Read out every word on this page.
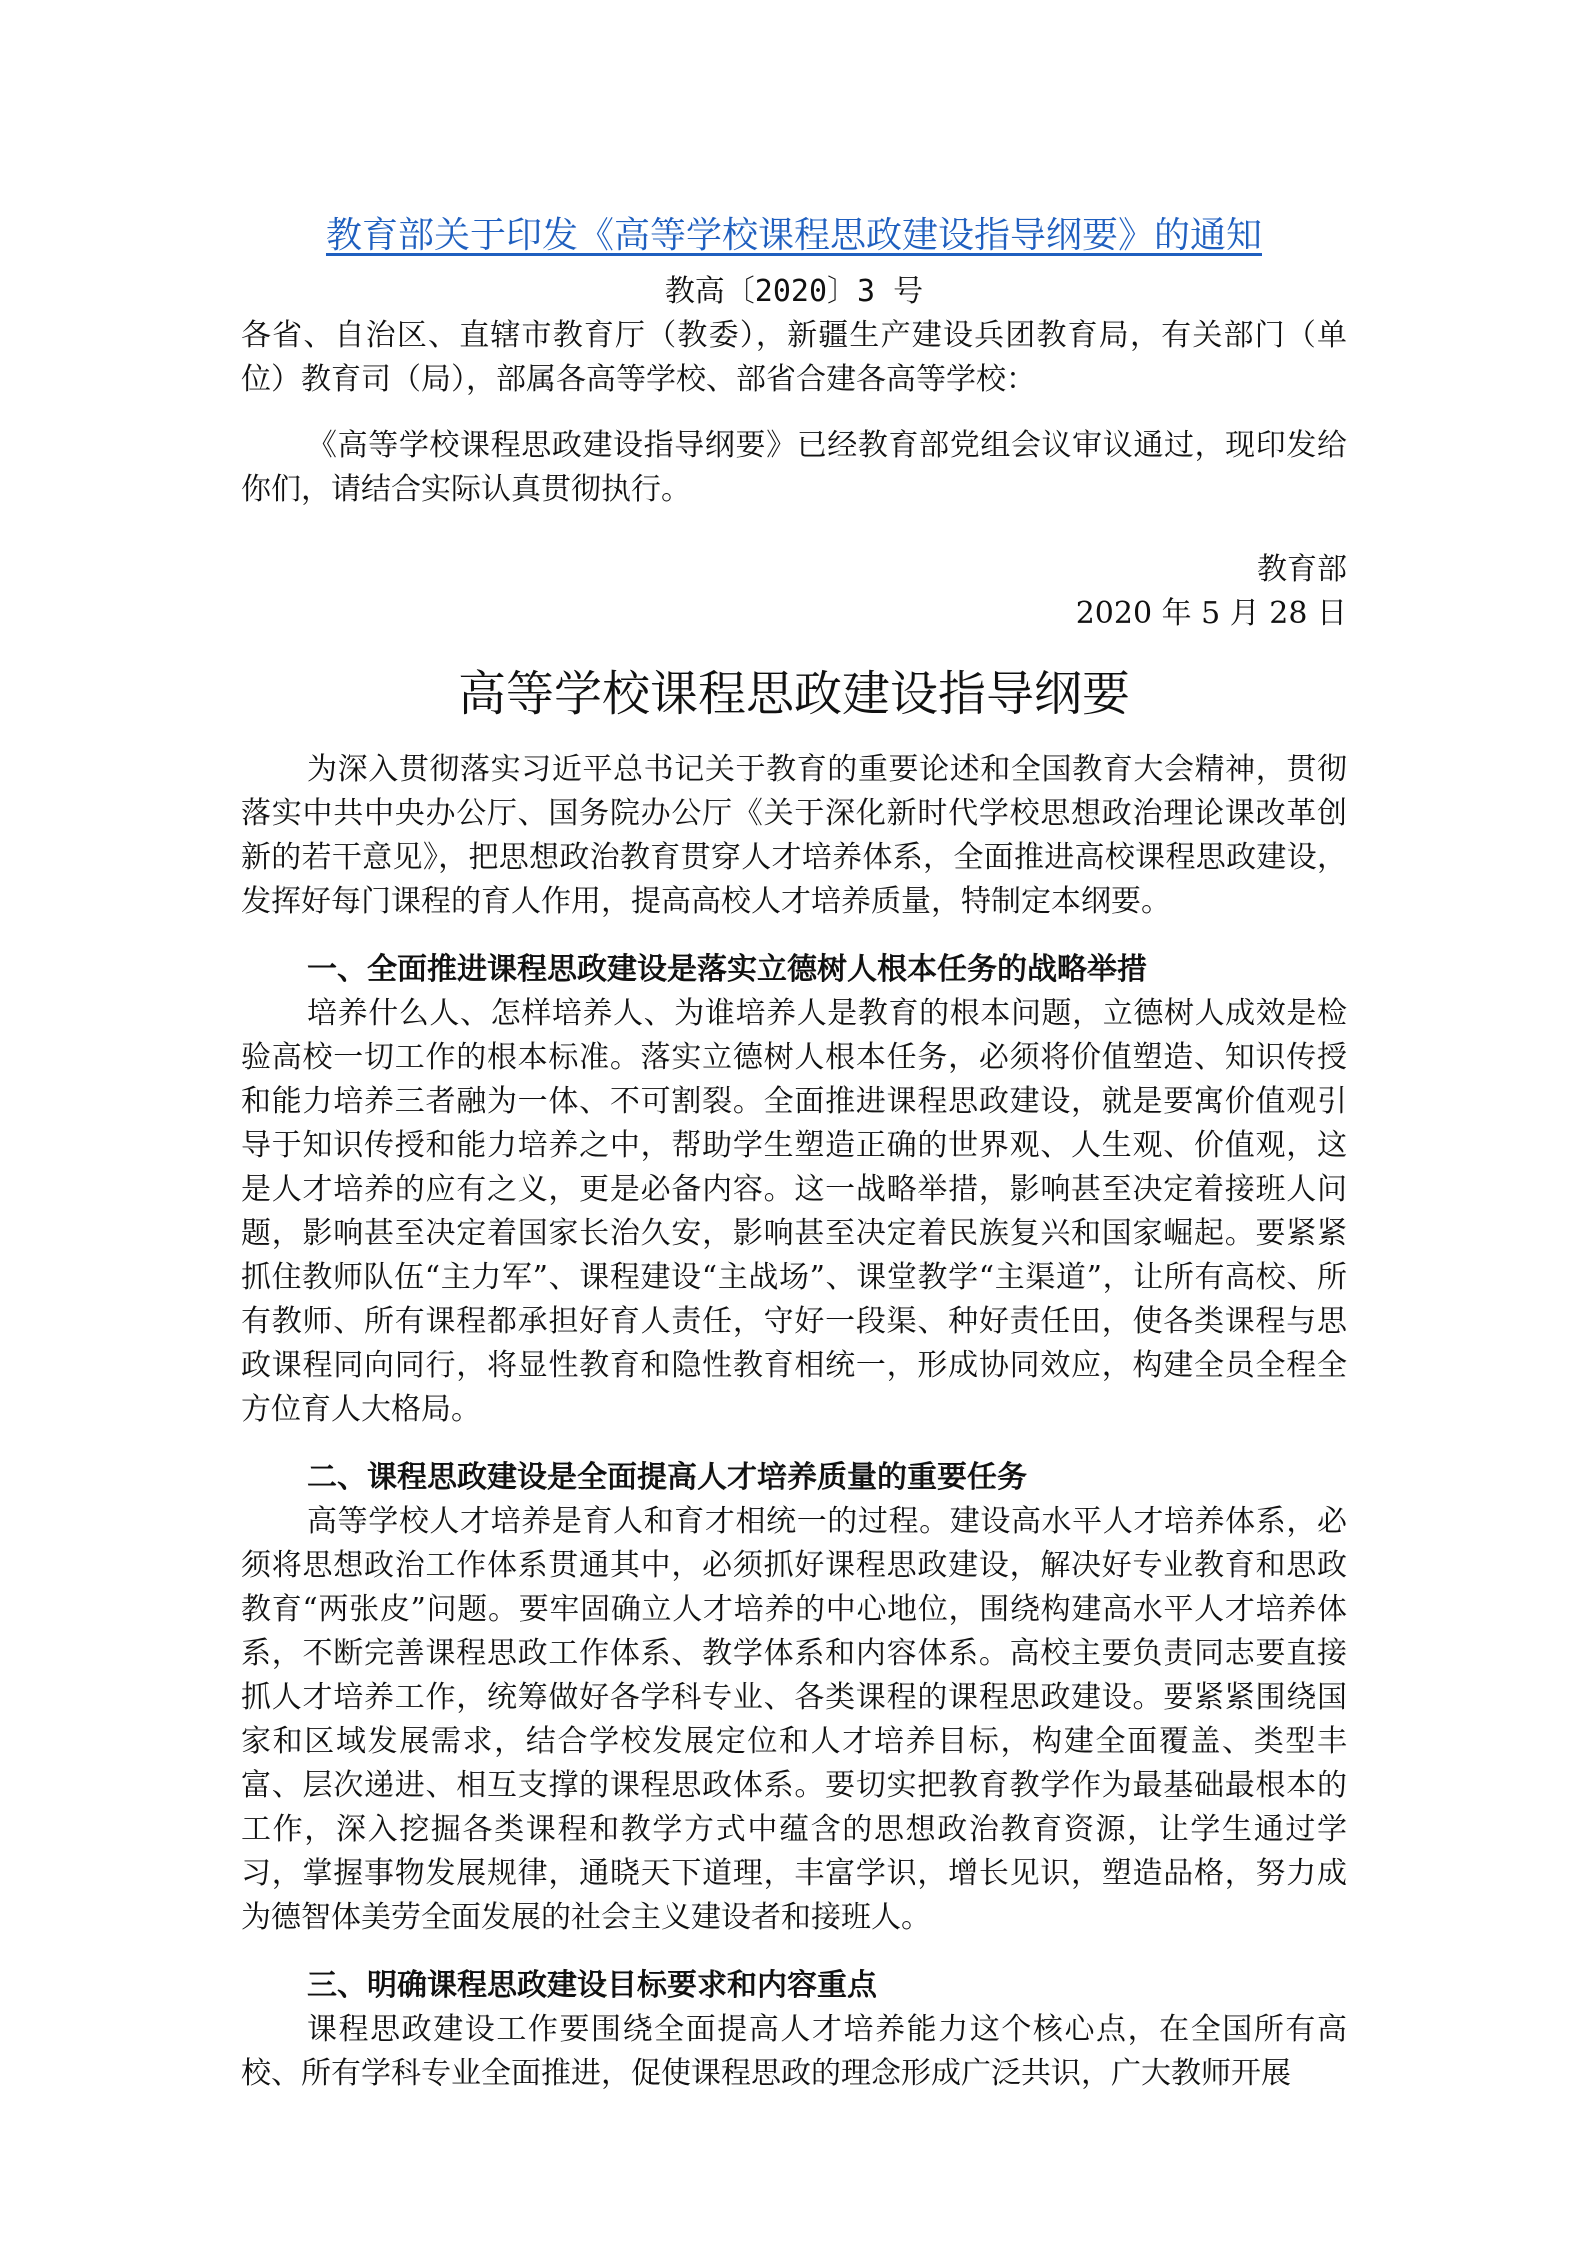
教育部关于印发《高等学校课程思政建设指导纲要》的通知
教高〔2020〕3 号

各省、自治区、直辖市教育厅（教委），新疆生产建设兵团教育局，有关部门（单位）教育司（局），部属各高等学校、部省合建各高等学校：

《高等学校课程思政建设指导纲要》已经教育部党组会议审议通过，现印发给你们，请结合实际认真贯彻执行。

教育部

2020 年 5 月 28 日

高等学校课程思政建设指导纲要

为深入贯彻落实习近平总书记关于教育的重要论述和全国教育大会精神，贯彻落实中共中央办公厅、国务院办公厅《关于深化新时代学校思想政治理论课改革创新的若干意见》，把思想政治教育贯穿人才培养体系，全面推进高校课程思政建设，发挥好每门课程的育人作用，提高高校人才培养质量，特制定本纲要。

一、全面推进课程思政建设是落实立德树人根本任务的战略举措

培养什么人、怎样培养人、为谁培养人是教育的根本问题，立德树人成效是检验高校一切工作的根本标准。落实立德树人根本任务，必须将价值塑造、知识传授和能力培养三者融为一体、不可割裂。全面推进课程思政建设，就是要寓价值观引导于知识传授和能力培养之中，帮助学生塑造正确的世界观、人生观、价值观，这是人才培养的应有之义，更是必备内容。这一战略举措，影响甚至决定着接班人问题，影响甚至决定着国家长治久安，影响甚至决定着民族复兴和国家崛起。要紧紧抓住教师队伍“主力军”、课程建设“主战场”、课堂教学“主渠道”，让所有高校、所有教师、所有课程都承担好育人责任，守好一段渠、种好责任田，使各类课程与思政课程同向同行，将显性教育和隐性教育相统一，形成协同效应，构建全员全程全方位育人大格局。

二、课程思政建设是全面提高人才培养质量的重要任务

高等学校人才培养是育人和育才相统一的过程。建设高水平人才培养体系，必须将思想政治工作体系贯通其中，必须抓好课程思政建设，解决好专业教育和思政教育“两张皮”问题。要牢固确立人才培养的中心地位，围绕构建高水平人才培养体系，不断完善课程思政工作体系、教学体系和内容体系。高校主要负责同志要直接抓人才培养工作，统筹做好各学科专业、各类课程的课程思政建设。要紧紧围绕国家和区域发展需求，结合学校发展定位和人才培养目标，构建全面覆盖、类型丰富、层次递进、相互支撑的课程思政体系。要切实把教育教学作为最基础最根本的工作，深入挖掘各类课程和教学方式中蕴含的思想政治教育资源，让学生通过学习，掌握事物发展规律，通晓天下道理，丰富学识，增长见识，塑造品格，努力成为德智体美劳全面发展的社会主义建设者和接班人。

三、明确课程思政建设目标要求和内容重点

课程思政建设工作要围绕全面提高人才培养能力这个核心点，在全国所有高校、所有学科专业全面推进，促使课程思政的理念形成广泛共识，广大教师开展
